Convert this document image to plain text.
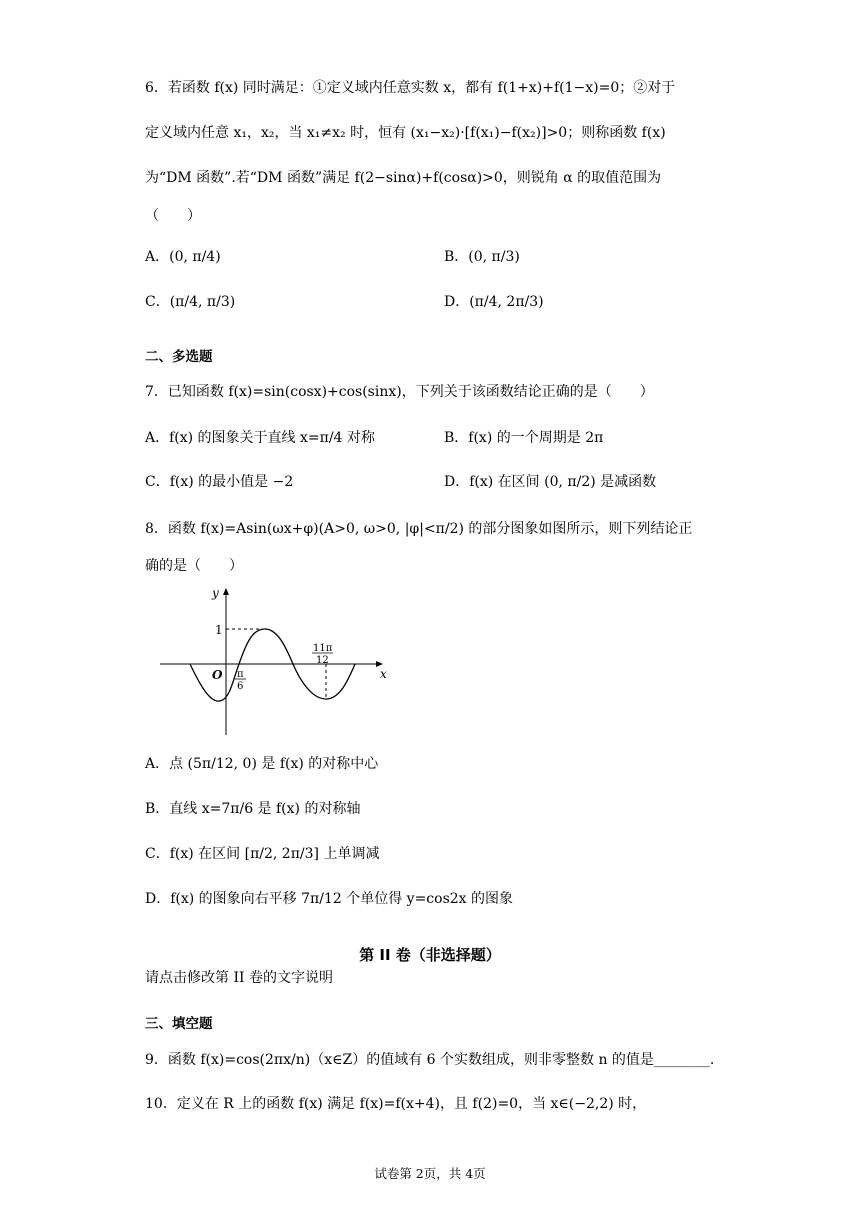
6．若函数 f(x) 同时满足：①定义域内任意实数 x，都有 f(1+x)+f(1−x)=0；②对于
定义域内任意 x₁，x₂，当 x₁≠x₂ 时，恒有 (x₁−x₂)·[f(x₁)−f(x₂)]>0；则称函数 f(x)
为“DM 函数”.若“DM 函数”满足 f(2−sinα)+f(cosα)>0，则锐角 α 的取值范围为
（　　）
A．(0, π/4)	B．(0, π/3)
C．(π/4, π/3)	D．(π/4, 2π/3)
二、多选题
7．已知函数 f(x)=sin(cosx)+cos(sinx)，下列关于该函数结论正确的是（　　）
A．f(x) 的图象关于直线 x=π/4 对称	B．f(x) 的一个周期是 2π
C．f(x) 的最小值是 −2	D．f(x) 在区间 (0, π/2) 是减函数
8．函数 f(x)=Asin(ωx+φ)(A>0, ω>0, |φ|<π/2) 的部分图象如图所示，则下列结论正
确的是（　　）
y
x
O
1
π
6
11π
12
A．点 (5π/12, 0) 是 f(x) 的对称中心
B．直线 x=7π/6 是 f(x) 的对称轴
C．f(x) 在区间 [π/2, 2π/3] 上单调减
D．f(x) 的图象向右平移 7π/12 个单位得 y=cos2x 的图象
第 II 卷（非选择题）
请点击修改第 II 卷的文字说明
三、填空题
9．函数 f(x)=cos(2πx/n)（x∈Z）的值域有 6 个实数组成，则非零整数 n 的值是________.
10．定义在 R 上的函数 f(x) 满足 f(x)=f(x+4)，且 f(2)=0，当 x∈(−2,2) 时，
试卷第 2页，共 4页
